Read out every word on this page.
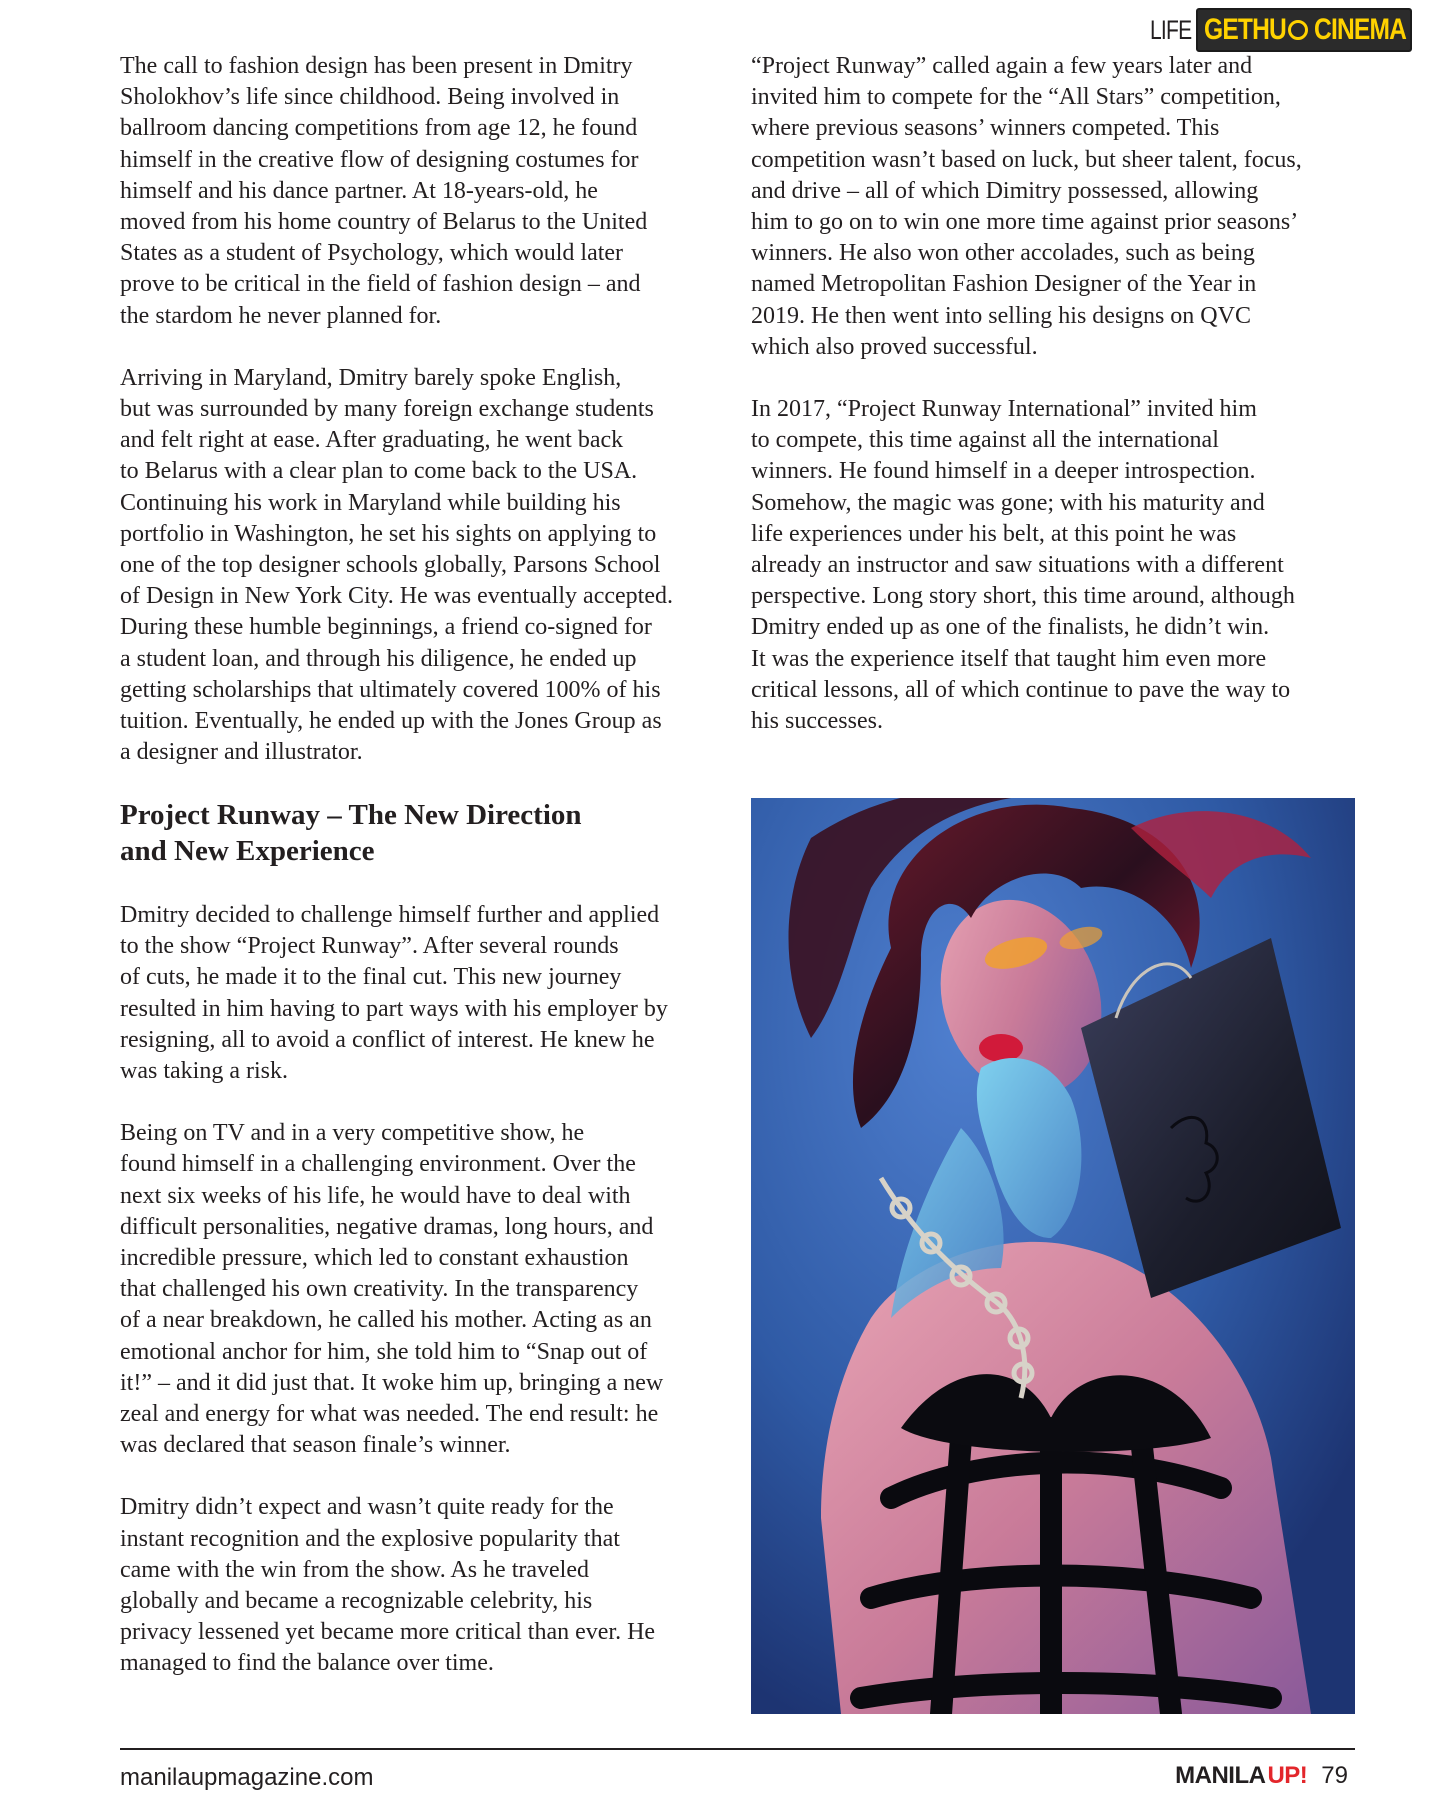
LIFE GETHU CINEMA

The call to fashion design has been present in Dmitry
Sholokhov’s life since childhood. Being involved in
ballroom dancing competitions from age 12, he found
himself in the creative flow of designing costumes for
himself and his dance partner. At 18-years-old, he
moved from his home country of Belarus to the United
States as a student of Psychology, which would later
prove to be critical in the field of fashion design – and
the stardom he never planned for.

Arriving in Maryland, Dmitry barely spoke English,
but was surrounded by many foreign exchange students
and felt right at ease. After graduating, he went back
to Belarus with a clear plan to come back to the USA.
Continuing his work in Maryland while building his
portfolio in Washington, he set his sights on applying to
one of the top designer schools globally, Parsons School
of Design in New York City. He was eventually accepted.
During these humble beginnings, a friend co-signed for
a student loan, and through his diligence, he ended up
getting scholarships that ultimately covered 100% of his
tuition. Eventually, he ended up with the Jones Group as
a designer and illustrator.

“Project Runway” called again a few years later and
invited him to compete for the “All Stars” competition,
where previous seasons’ winners competed. This
competition wasn’t based on luck, but sheer talent, focus,
and drive – all of which Dimitry possessed, allowing
him to go on to win one more time against prior seasons’
winners. He also won other accolades, such as being
named Metropolitan Fashion Designer of the Year in
2019. He then went into selling his designs on QVC
which also proved successful.

In 2017, “Project Runway International” invited him
to compete, this time against all the international
winners. He found himself in a deeper introspection.
Somehow, the magic was gone; with his maturity and
life experiences under his belt, at this point he was
already an instructor and saw situations with a different
perspective. Long story short, this time around, although
Dmitry ended up as one of the finalists, he didn’t win.
It was the experience itself that taught him even more
critical lessons, all of which continue to pave the way to
his successes.

Project Runway – The New Direction
and New Experience

Dmitry decided to challenge himself further and applied
to the show “Project Runway”. After several rounds
of cuts, he made it to the final cut. This new journey
resulted in him having to part ways with his employer by
resigning, all to avoid a conflict of interest. He knew he
was taking a risk.

Being on TV and in a very competitive show, he
found himself in a challenging environment. Over the
next six weeks of his life, he would have to deal with
difficult personalities, negative dramas, long hours, and
incredible pressure, which led to constant exhaustion
that challenged his own creativity. In the transparency
of a near breakdown, he called his mother. Acting as an
emotional anchor for him, she told him to “Snap out of
it!” – and it did just that. It woke him up, bringing a new
zeal and energy for what was needed. The end result: he
was declared that season finale’s winner.

Dmitry didn’t expect and wasn’t quite ready for the
instant recognition and the explosive popularity that
came with the win from the show. As he traveled
globally and became a recognizable celebrity, his
privacy lessened yet became more critical than ever. He
managed to find the balance over time.

manilaupmagazine.com	MANILA UP! 79
